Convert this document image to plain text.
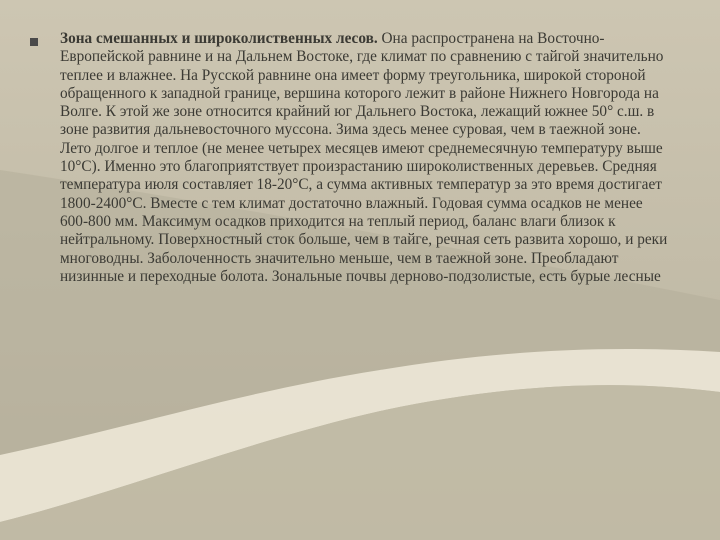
Зона смешанных и широколиственных лесов. Она распространена на Восточно-Европейской равнине и на Дальнем Востоке, где климат по сравнению с тайгой значительно теплее и влажнее. На Русской равнине она имеет форму треугольника, широкой стороной обращенного к западной границе, вершина которого лежит в районе Нижнего Новгорода на Волге. К этой же зоне относится крайний юг Дальнего Востока, лежащий южнее 50° с.ш. в зоне развития дальневосточного муссона. Зима здесь менее суровая, чем в таежной зоне. Лето долгое и теплое (не менее четырех месяцев имеют среднемесячную температуру выше 10°С). Именно это благоприятствует произрастанию широколиственных деревьев. Средняя температура июля составляет 18-20°С, а сумма активных температур за это время достигает 1800-2400°С. Вместе с тем климат достаточно влажный. Годовая сумма осадков не менее 600-800 мм. Максимум осадков приходится на теплый период, баланс влаги близок к нейтральному. Поверхностный сток больше, чем в тайге, речная сеть развита хорошо, и реки многоводны. Заболоченность значительно меньше, чем в таежной зоне. Преобладают низинные и переходные болота. Зональные почвы дерново-подзолистые, есть бурые лесные
